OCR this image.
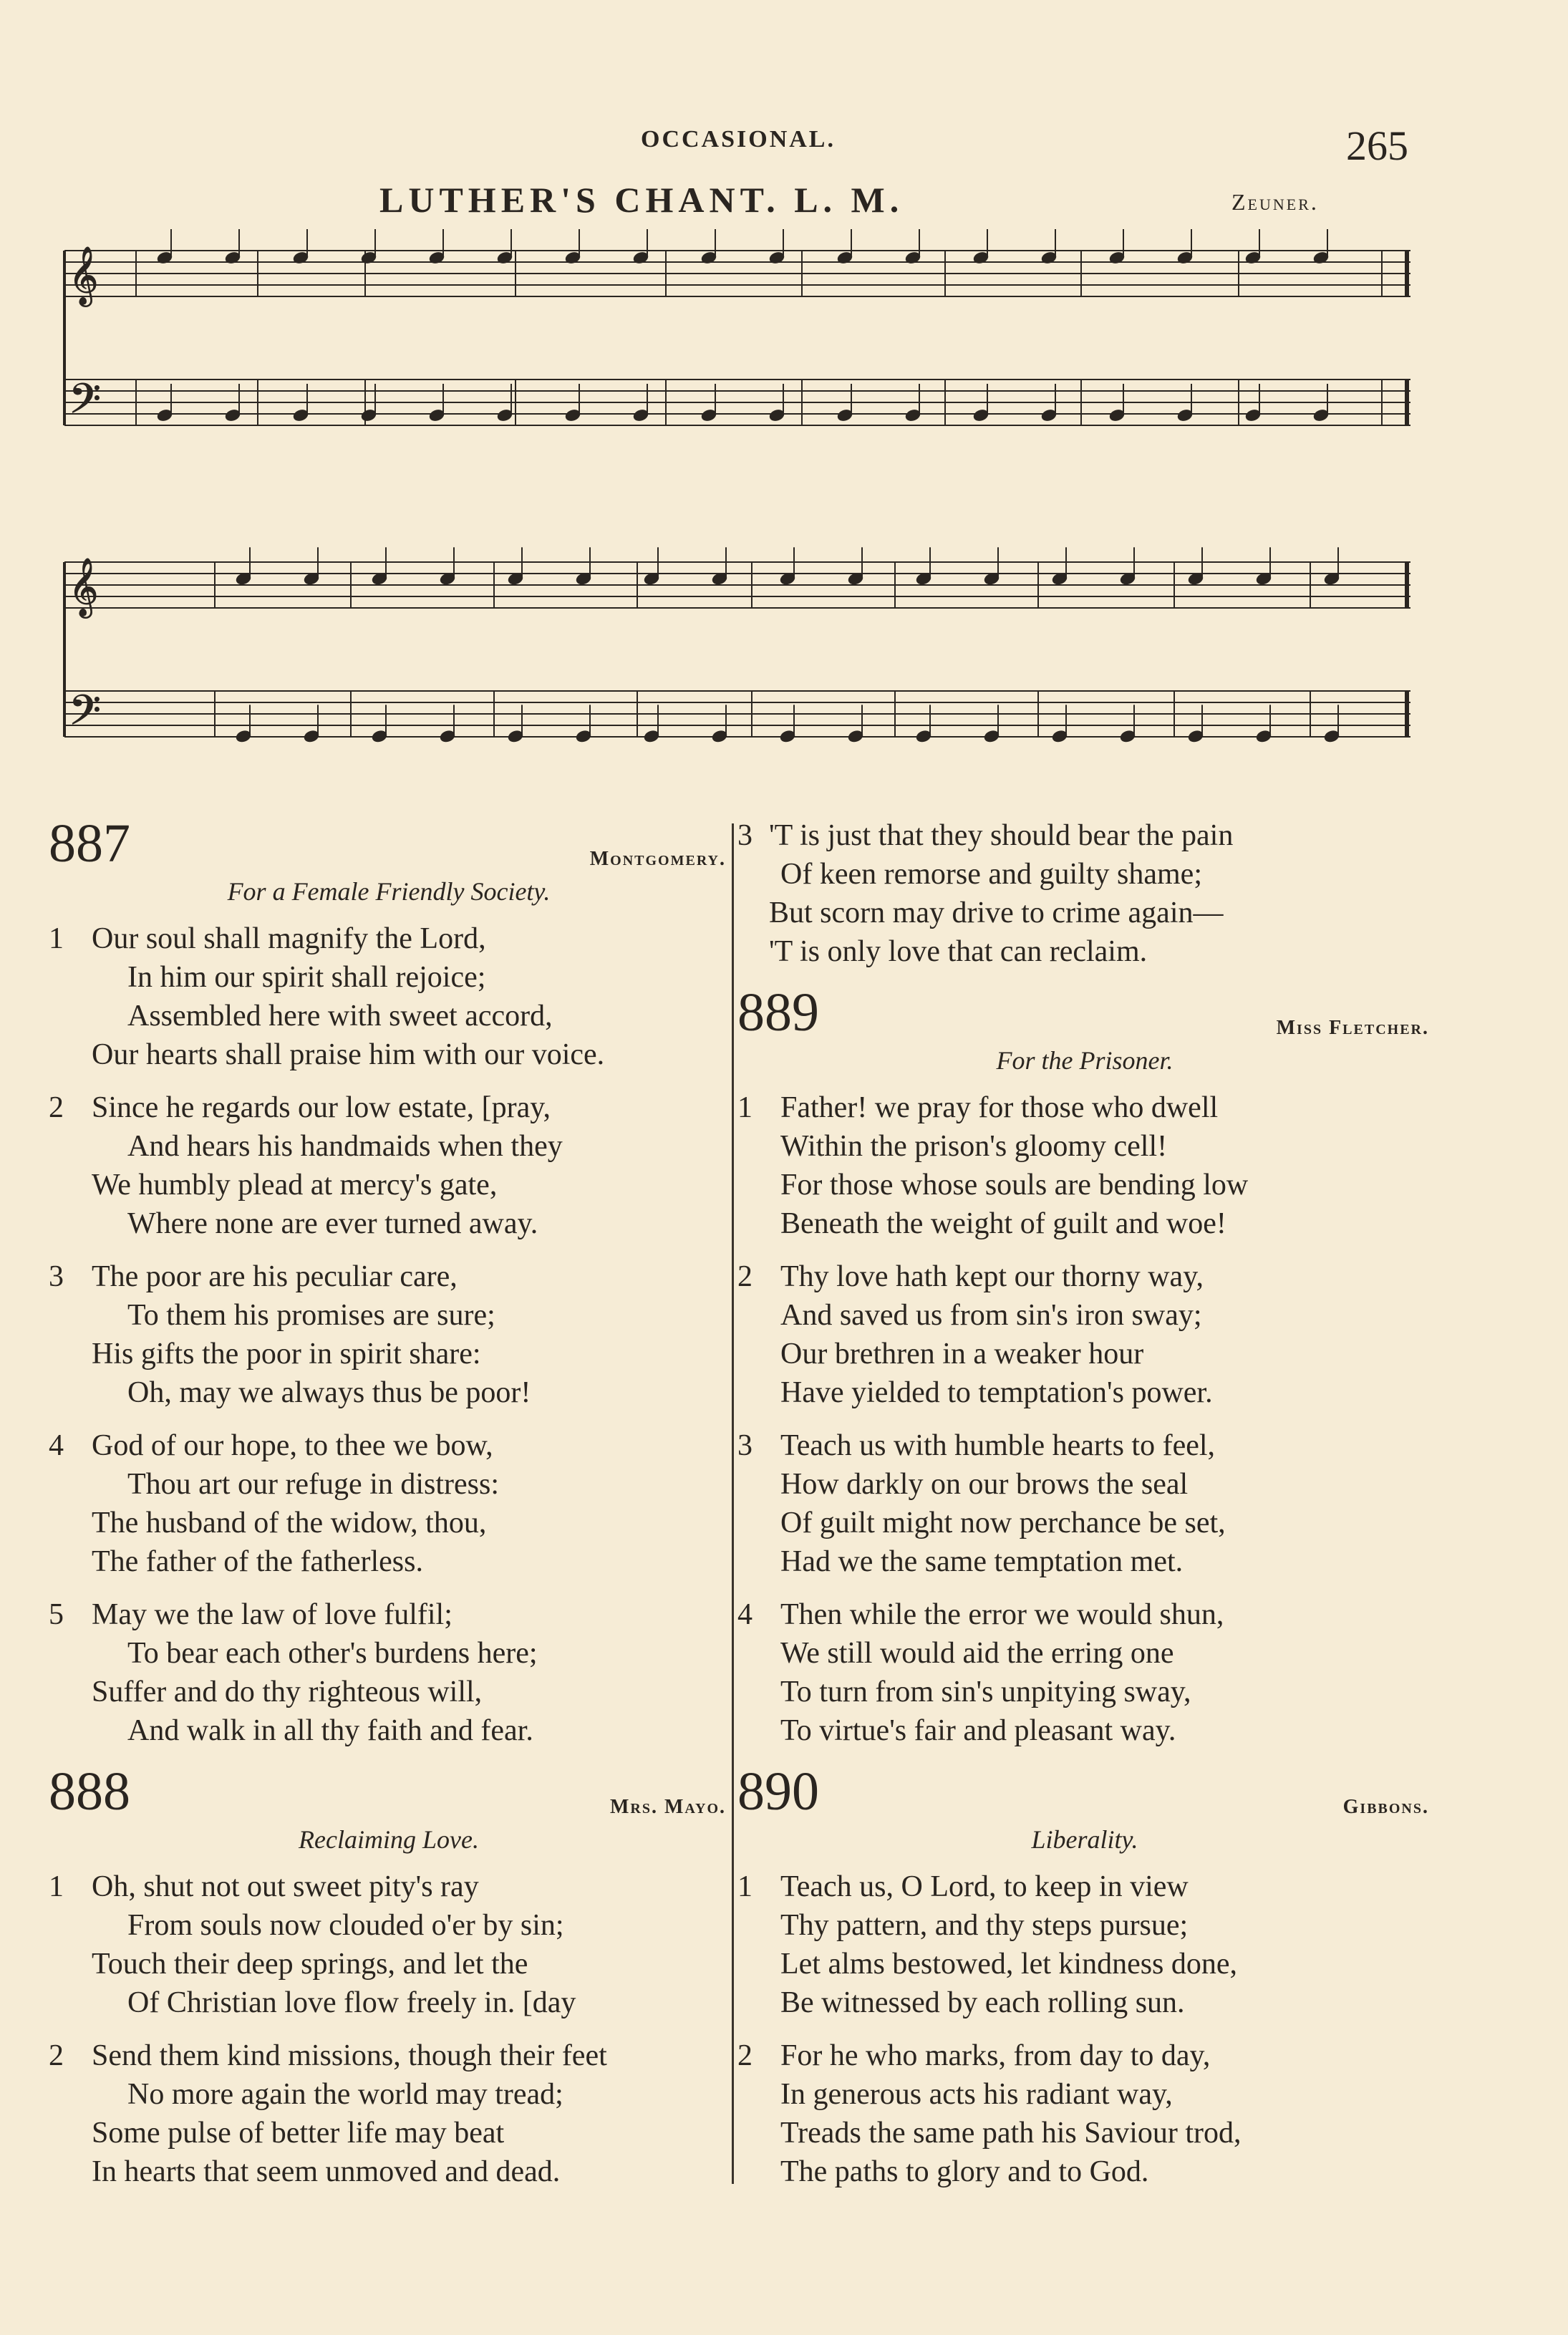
OCCASIONAL.	265
LUTHER'S CHANT. L. M.	Zeuner.
𝄞
𝄢
𝄞
𝄢
887	Montgomery.
For a Female Friendly Society.
1 Our soul shall magnify the Lord,
In him our spirit shall rejoice;
Assembled here with sweet accord,
Our hearts shall praise him with our voice.
2 Since he regards our low estate, [pray,
And hears his handmaids when they
We humbly plead at mercy's gate,
Where none are ever turned away.
3 The poor are his peculiar care,
To them his promises are sure;
His gifts the poor in spirit share:
Oh, may we always thus be poor!
4 God of our hope, to thee we bow,
Thou art our refuge in distress:
The husband of the widow, thou,
The father of the fatherless.
5 May we the law of love fulfil;
To bear each other's burdens here;
Suffer and do thy righteous will,
And walk in all thy faith and fear.
888	Mrs. Mayo.
Reclaiming Love.
1 Oh, shut not out sweet pity's ray
From souls now clouded o'er by sin;
Touch their deep springs, and let the
Of Christian love flow freely in. [day
2 Send them kind missions, though their feet
No more again the world may tread;
Some pulse of better life may beat
In hearts that seem unmoved and dead.
3 'T is just that they should bear the pain
Of keen remorse and guilty shame;
But scorn may drive to crime again—
'T is only love that can reclaim.
889	Miss Fletcher.
For the Prisoner.
1 Father! we pray for those who dwell
Within the prison's gloomy cell!
For those whose souls are bending low
Beneath the weight of guilt and woe!
2 Thy love hath kept our thorny way,
And saved us from sin's iron sway;
Our brethren in a weaker hour
Have yielded to temptation's power.
3 Teach us with humble hearts to feel,
How darkly on our brows the seal
Of guilt might now perchance be set,
Had we the same temptation met.
4 Then while the error we would shun,
We still would aid the erring one
To turn from sin's unpitying sway,
To virtue's fair and pleasant way.
890	Gibbons.
Liberality.
1 Teach us, O Lord, to keep in view
Thy pattern, and thy steps pursue;
Let alms bestowed, let kindness done,
Be witnessed by each rolling sun.
2 For he who marks, from day to day,
In generous acts his radiant way,
Treads the same path his Saviour trod,
The paths to glory and to God.
